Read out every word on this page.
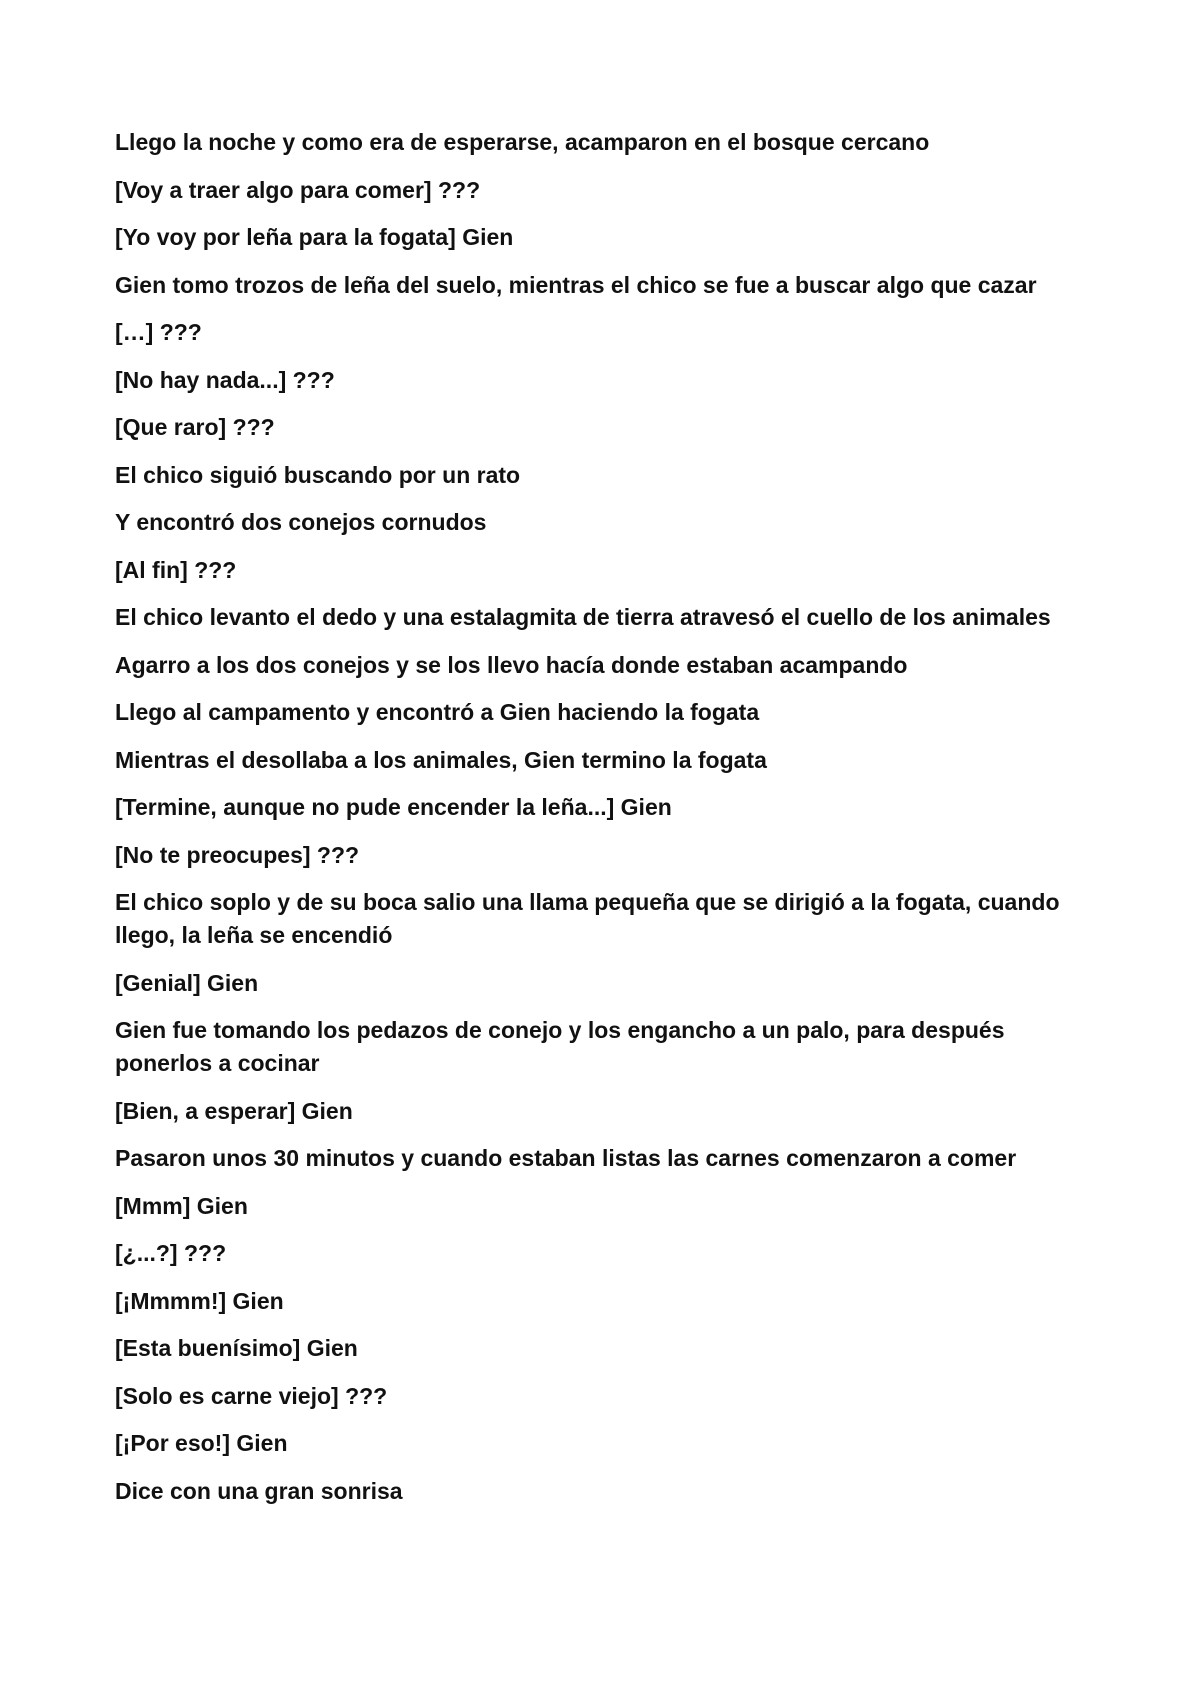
Llego la noche y como era de esperarse, acamparon en el bosque cercano

[Voy a traer algo para comer] ???

[Yo voy por leña para la fogata] Gien

Gien tomo trozos de leña del suelo, mientras el chico se fue a buscar algo que cazar

[…] ???

[No hay nada...] ???

[Que raro] ???

El chico siguió buscando por un rato

Y encontró dos conejos cornudos

[Al fin] ???

El chico levanto el dedo y una estalagmita de tierra atravesó el cuello de los animales

Agarro a los dos conejos y se los llevo hacía donde estaban acampando

Llego al campamento y encontró a Gien haciendo la fogata

Mientras el desollaba a los animales, Gien termino la fogata

[Termine, aunque no pude encender la leña...] Gien

[No te preocupes] ???

El chico soplo y de su boca salio una llama pequeña que se dirigió a la fogata, cuando llego, la leña se encendió

[Genial] Gien

Gien fue tomando los pedazos de conejo y los engancho a un palo, para después ponerlos a cocinar

[Bien, a esperar] Gien

Pasaron unos 30 minutos y cuando estaban listas las carnes comenzaron a comer

[Mmm] Gien

[¿...?] ???

[¡Mmmm!] Gien

[Esta buenísimo] Gien

[Solo es carne viejo] ???

[¡Por eso!] Gien

Dice con una gran sonrisa
